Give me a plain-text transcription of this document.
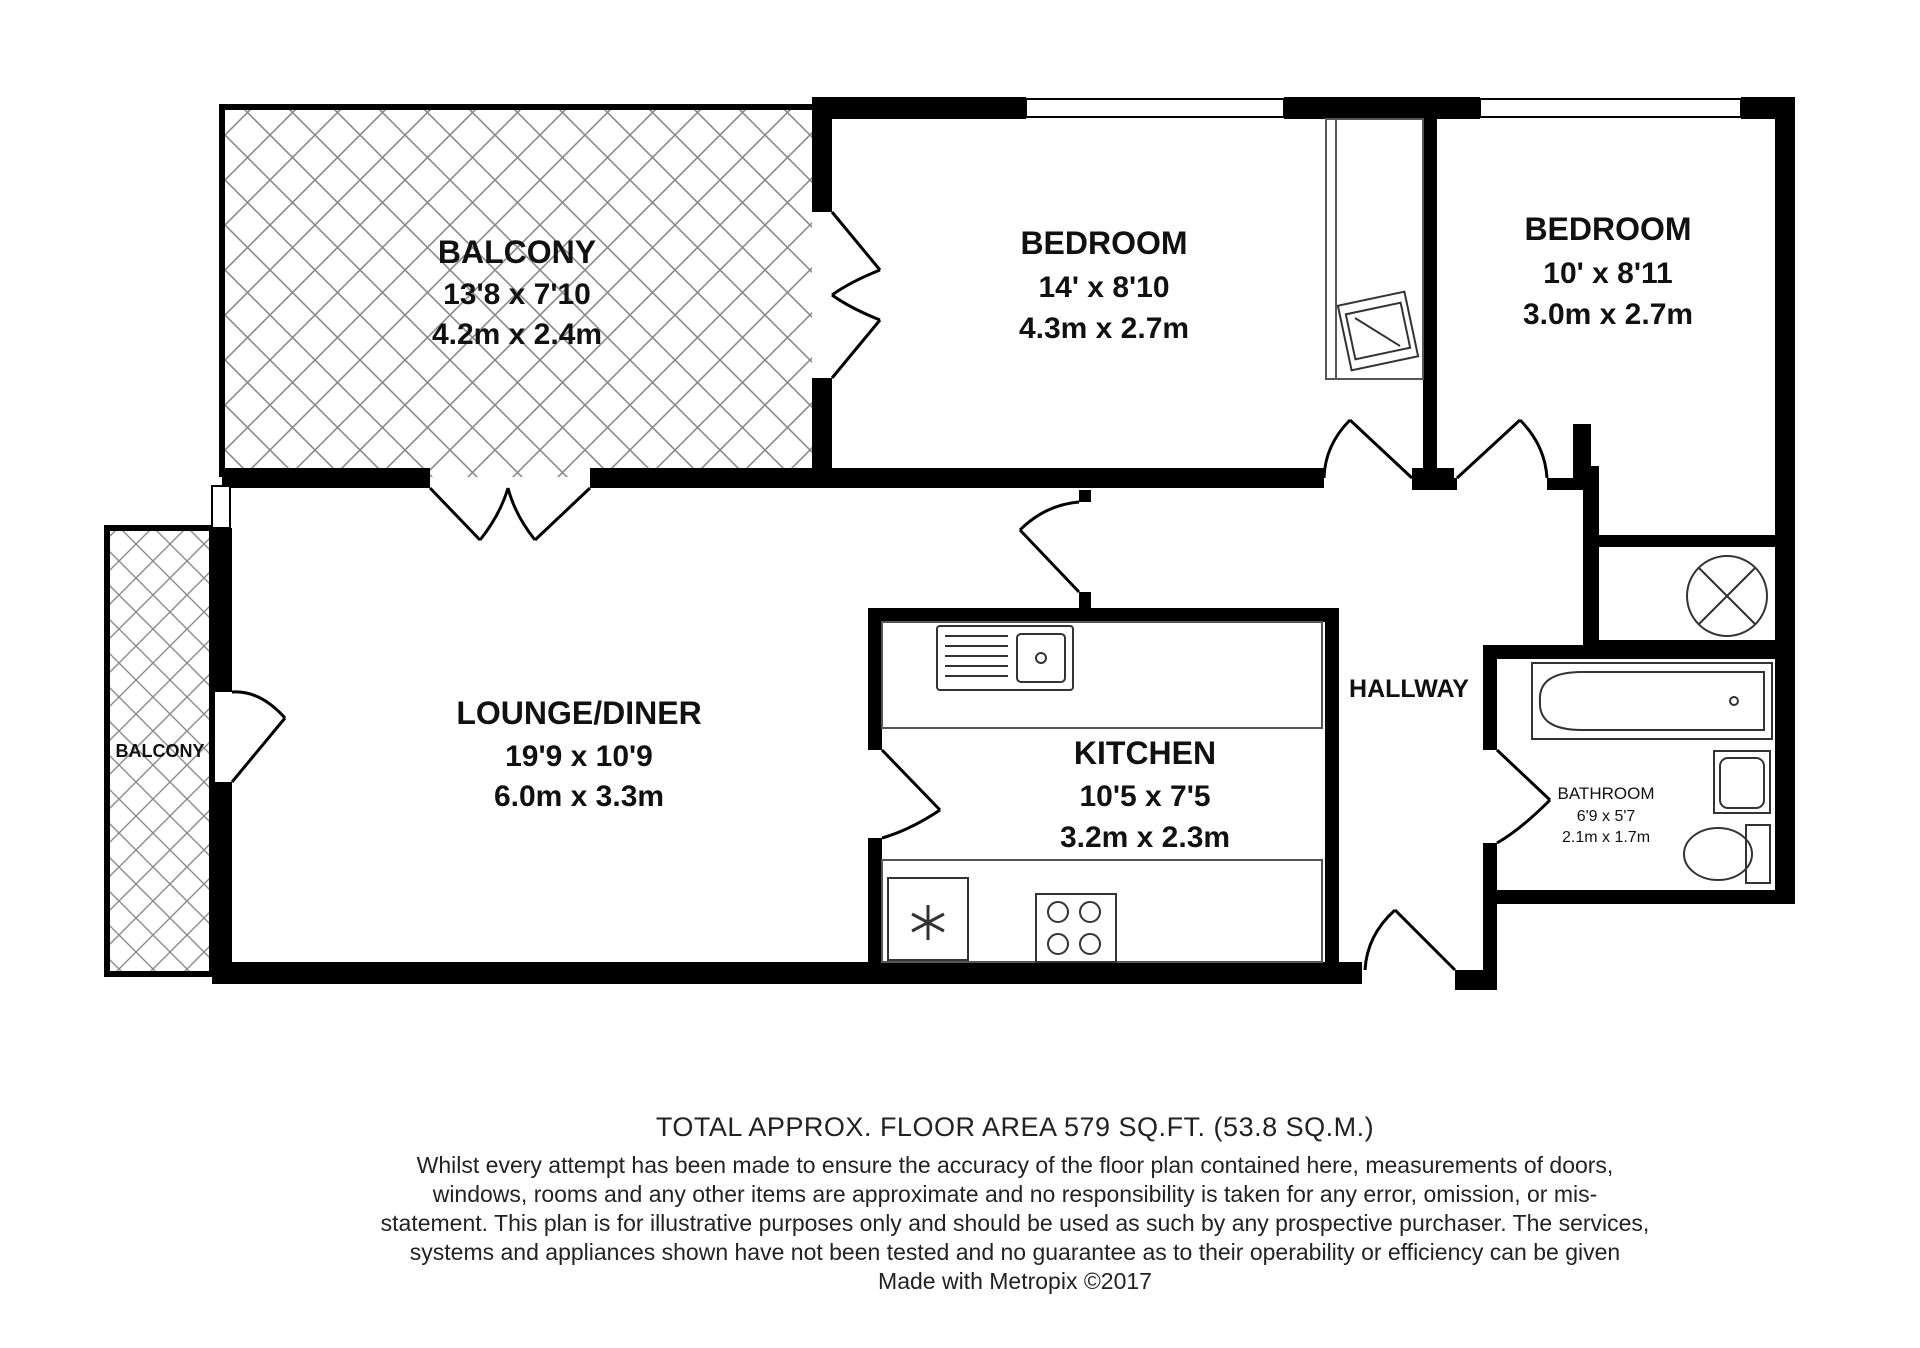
BALCONY
13'8 x 7'10
4.2m x 2.4m
BEDROOM
14' x 8'10
4.3m x 2.7m
BEDROOM
10' x 8'11
3.0m x 2.7m
LOUNGE/DINER
19'9 x 10'9
6.0m x 3.3m
KITCHEN
10'5 x 7'5
3.2m x 2.3m
HALLWAY
BALCONY
BATHROOM
6'9 x 5'7
2.1m x 1.7m
TOTAL APPROX. FLOOR AREA 579 SQ.FT. (53.8 SQ.M.)
Whilst every attempt has been made to ensure the accuracy of the floor plan contained here, measurements of doors, windows, rooms and any other items are approximate and no responsibility is taken for any error, omission, or mis-statement. This plan is for illustrative purposes only and should be used as such by any prospective purchaser. The services, systems and appliances shown have not been tested and no guarantee as to their operability or efficiency can be given
Made with Metropix ©2017
